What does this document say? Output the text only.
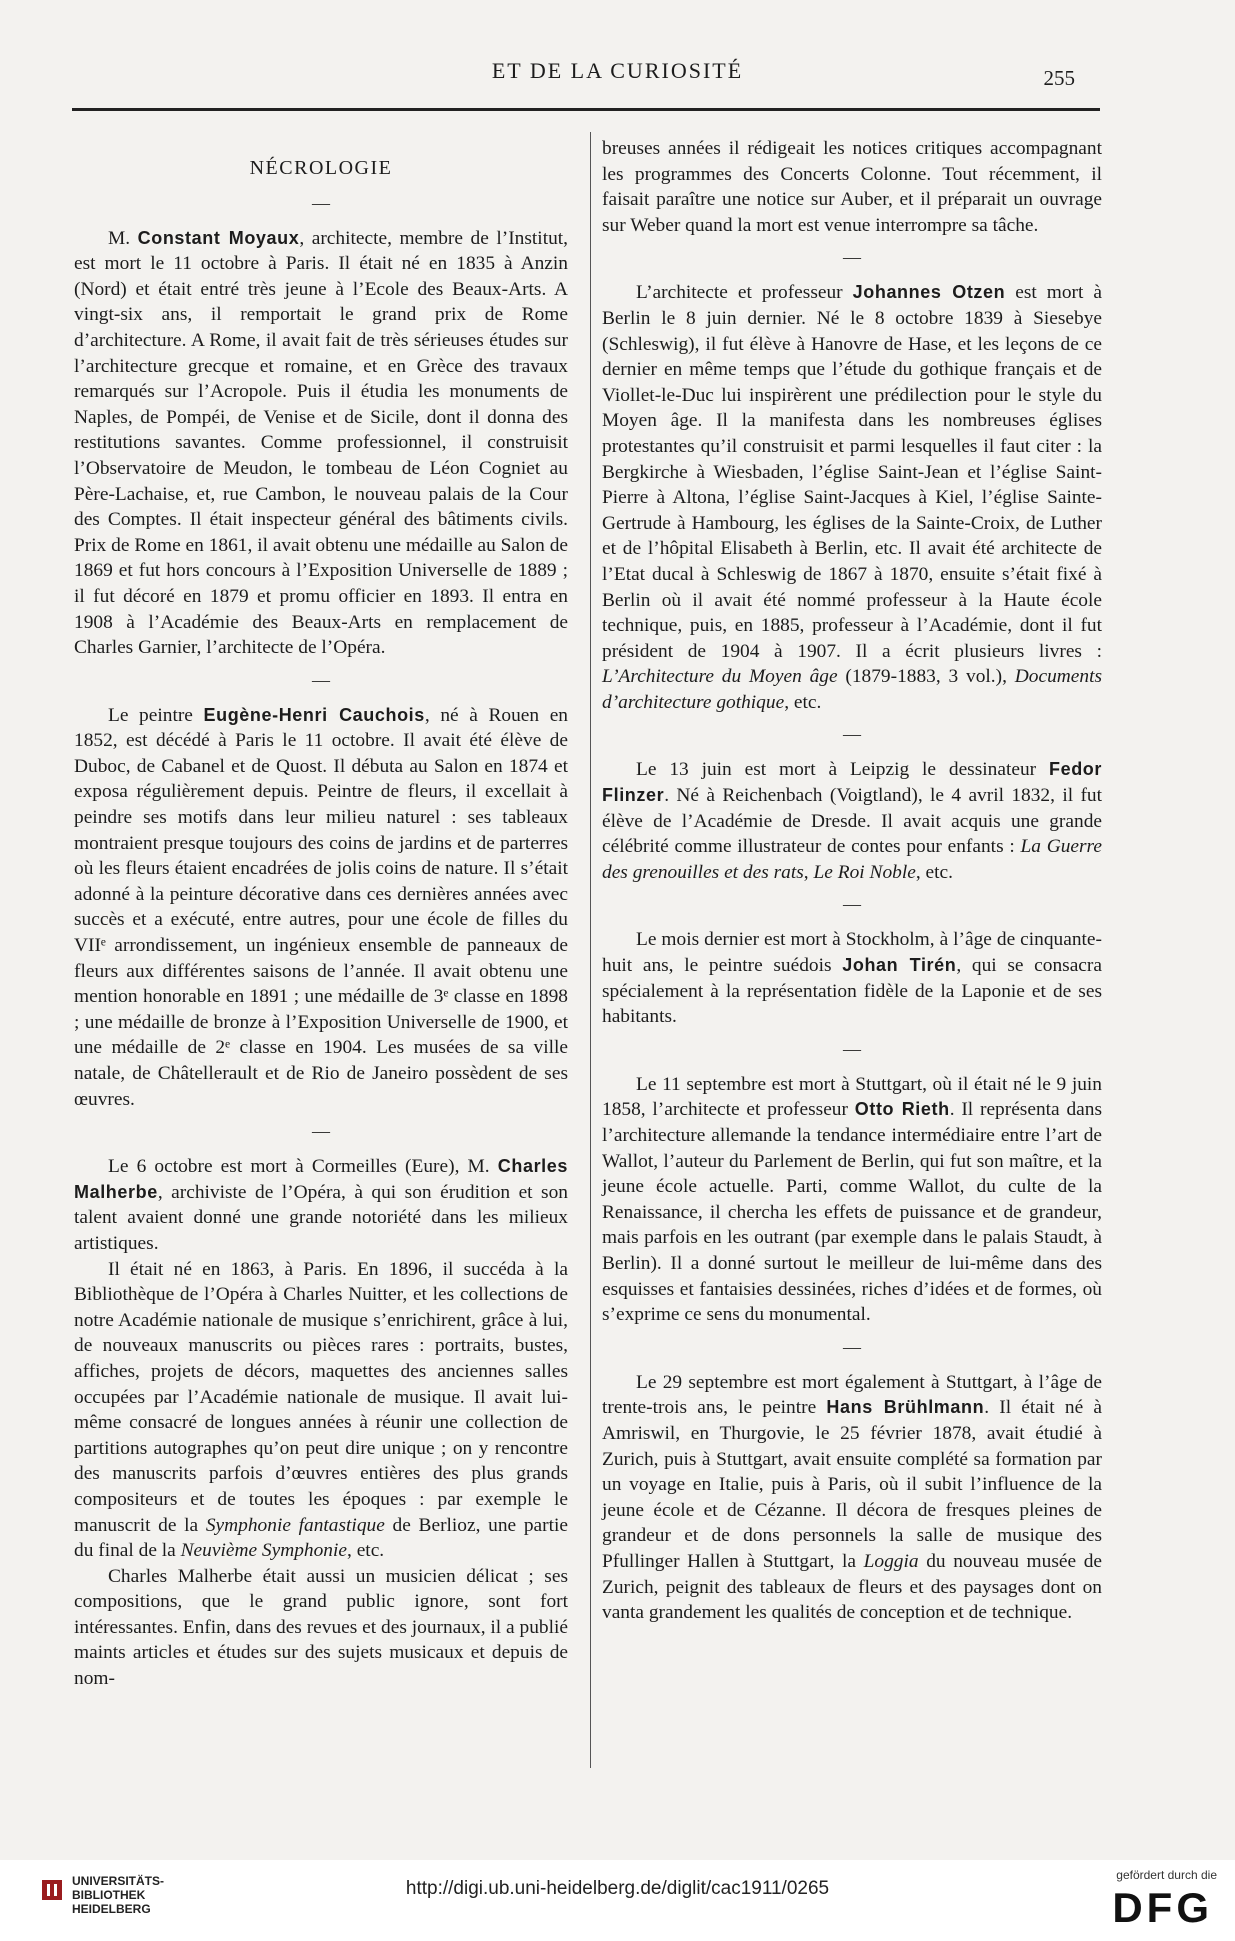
ET DE LA CURIOSITÉ	255
NÉCROLOGIE
—

M. Constant Moyaux, architecte, membre de l’Institut, est mort le 11 octobre à Paris. Il était né en 1835 à Anzin (Nord) et était entré très jeune à l’Ecole des Beaux-Arts. A vingt-six ans, il remportait le grand prix de Rome d’architecture. A Rome, il avait fait de très sérieuses études sur l’architecture grecque et romaine, et en Grèce des travaux remarqués sur l’Acropole. Puis il étudia les monuments de Naples, de Pompéi, de Venise et de Sicile, dont il donna des restitutions savantes. Comme professionnel, il construisit l’Observatoire de Meudon, le tombeau de Léon Cogniet au Père-Lachaise, et, rue Cambon, le nouveau palais de la Cour des Comptes. Il était inspecteur général des bâtiments civils. Prix de Rome en 1861, il avait obtenu une médaille au Salon de 1869 et fut hors concours à l’Exposition Universelle de 1889 ; il fut décoré en 1879 et promu officier en 1893. Il entra en 1908 à l’Académie des Beaux-Arts en remplacement de Charles Garnier, l’architecte de l’Opéra.

—

Le peintre Eugène-Henri Cauchois, né à Rouen en 1852, est décédé à Paris le 11 octobre. Il avait été élève de Duboc, de Cabanel et de Quost. Il débuta au Salon en 1874 et exposa régulièrement depuis. Peintre de fleurs, il excellait à peindre ses motifs dans leur milieu naturel : ses tableaux montraient presque toujours des coins de jardins et de parterres où les fleurs étaient encadrées de jolis coins de nature. Il s’était adonné à la peinture décorative dans ces dernières années avec succès et a exécuté, entre autres, pour une école de filles du VIIᵉ arrondissement, un ingénieux ensemble de panneaux de fleurs aux différentes saisons de l’année. Il avait obtenu une mention honorable en 1891 ; une médaille de 3ᵉ classe en 1898 ; une médaille de bronze à l’Exposition Universelle de 1900, et une médaille de 2ᵉ classe en 1904. Les musées de sa ville natale, de Châtellerault et de Rio de Janeiro possèdent de ses œuvres.

—

Le 6 octobre est mort à Cormeilles (Eure), M. Charles Malherbe, archiviste de l’Opéra, à qui son érudition et son talent avaient donné une grande notoriété dans les milieux artistiques.

Il était né en 1863, à Paris. En 1896, il succéda à la Bibliothèque de l’Opéra à Charles Nuitter, et les collections de notre Académie nationale de musique s’enrichirent, grâce à lui, de nouveaux manuscrits ou pièces rares : portraits, bustes, affiches, projets de décors, maquettes des anciennes salles occupées par l’Académie nationale de musique. Il avait lui-même consacré de longues années à réunir une collection de partitions autographes qu’on peut dire unique ; on y rencontre des manuscrits parfois d’œuvres entières des plus grands compositeurs et de toutes les époques : par exemple le manuscrit de la Symphonie fantastique de Berlioz, une partie du final de la Neuvième Symphonie, etc.

Charles Malherbe était aussi un musicien délicat ; ses compositions, que le grand public ignore, sont fort intéressantes. Enfin, dans des revues et des journaux, il a publié maints articles et études sur des sujets musicaux et depuis de nom-

breuses années il rédigeait les notices critiques accompagnant les programmes des Concerts Colonne. Tout récemment, il faisait paraître une notice sur Auber, et il préparait un ouvrage sur Weber quand la mort est venue interrompre sa tâche.

—

L’architecte et professeur Johannes Otzen est mort à Berlin le 8 juin dernier. Né le 8 octobre 1839 à Siesebye (Schleswig), il fut élève à Hanovre de Hase, et les leçons de ce dernier en même temps que l’étude du gothique français et de Viollet-le-Duc lui inspirèrent une prédilection pour le style du Moyen âge. Il la manifesta dans les nombreuses églises protestantes qu’il construisit et parmi lesquelles il faut citer : la Bergkirche à Wiesbaden, l’église Saint-Jean et l’église Saint-Pierre à Altona, l’église Saint-Jacques à Kiel, l’église Sainte-Gertrude à Hambourg, les églises de la Sainte-Croix, de Luther et de l’hôpital Elisabeth à Berlin, etc. Il avait été architecte de l’Etat ducal à Schleswig de 1867 à 1870, ensuite s’était fixé à Berlin où il avait été nommé professeur à la Haute école technique, puis, en 1885, professeur à l’Académie, dont il fut président de 1904 à 1907. Il a écrit plusieurs livres : L’Architecture du Moyen âge (1879-1883, 3 vol.), Documents d’architecture gothique, etc.

—

Le 13 juin est mort à Leipzig le dessinateur Fedor Flinzer. Né à Reichenbach (Voigtland), le 4 avril 1832, il fut élève de l’Académie de Dresde. Il avait acquis une grande célébrité comme illustrateur de contes pour enfants : La Guerre des grenouilles et des rats, Le Roi Noble, etc.

—

Le mois dernier est mort à Stockholm, à l’âge de cinquante-huit ans, le peintre suédois Johan Tirén, qui se consacra spécialement à la représentation fidèle de la Laponie et de ses habitants.

—

Le 11 septembre est mort à Stuttgart, où il était né le 9 juin 1858, l’architecte et professeur Otto Rieth. Il représenta dans l’architecture allemande la tendance intermédiaire entre l’art de Wallot, l’auteur du Parlement de Berlin, qui fut son maître, et la jeune école actuelle. Parti, comme Wallot, du culte de la Renaissance, il chercha les effets de puissance et de grandeur, mais parfois en les outrant (par exemple dans le palais Staudt, à Berlin). Il a donné surtout le meilleur de lui-même dans des esquisses et fantaisies dessinées, riches d’idées et de formes, où s’exprime ce sens du monumental.

—

Le 29 septembre est mort également à Stuttgart, à l’âge de trente-trois ans, le peintre Hans Brühlmann. Il était né à Amriswil, en Thurgovie, le 25 février 1878, avait étudié à Zurich, puis à Stuttgart, avait ensuite complété sa formation par un voyage en Italie, puis à Paris, où il subit l’influence de la jeune école et de Cézanne. Il décora de fresques pleines de grandeur et de dons personnels la salle de musique des Pfullinger Hallen à Stuttgart, la Loggia du nouveau musée de Zurich, peignit des tableaux de fleurs et des paysages dont on vanta grandement les qualités de conception et de technique.

UNIVERSITÄTS-
BIBLIOTHEK
HEIDELBERG
http://digi.ub.uni-heidelberg.de/diglit/cac1911/0265
gefördert durch die
DFG
